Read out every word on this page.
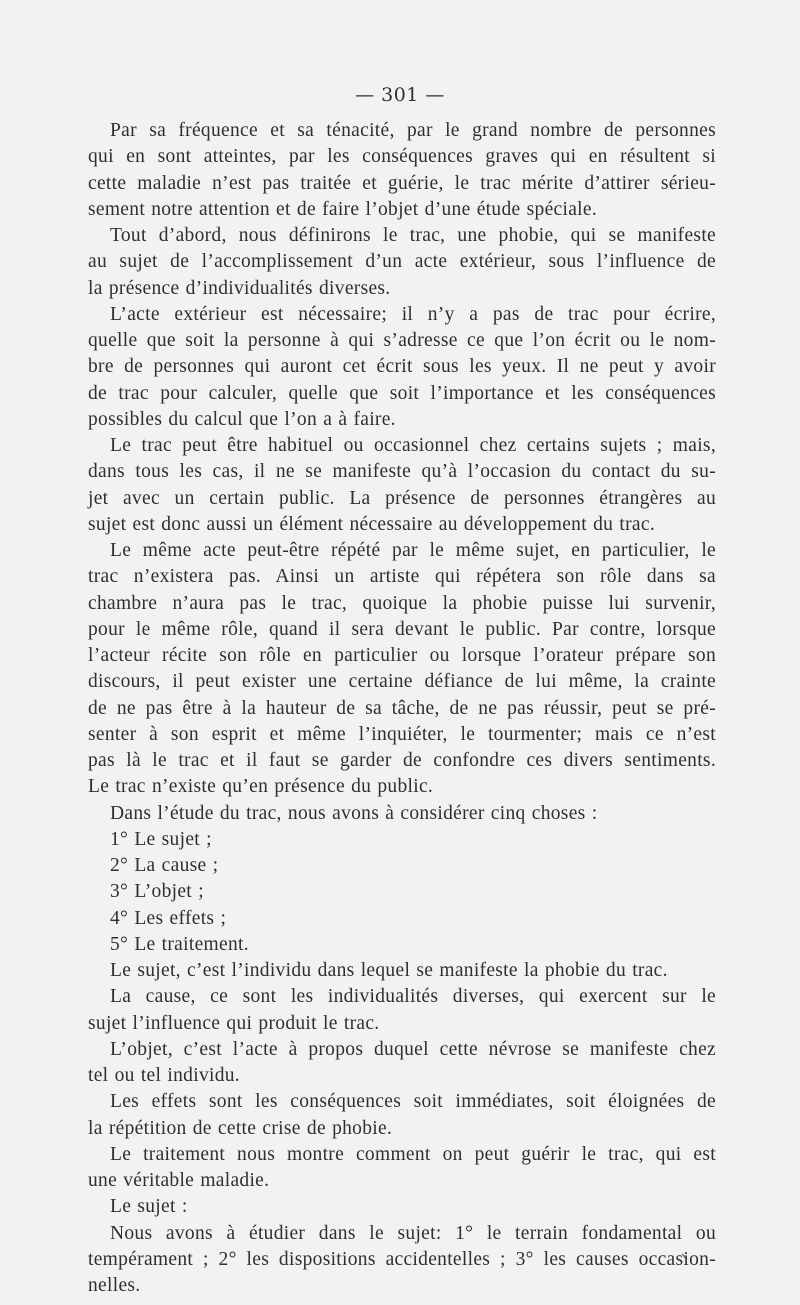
— 301 —
Par sa fréquence et sa ténacité, par le grand nombre de personnes
qui en sont atteintes, par les conséquences graves qui en résultent si
cette maladie n’est pas traitée et guérie, le trac mérite d’attirer sérieu-
sement notre attention et de faire l’objet d’une étude spéciale.
Tout d’abord, nous définirons le trac, une phobie, qui se manifeste
au sujet de l’accomplissement d’un acte extérieur, sous l’influence de
la présence d’individualités diverses.
L’acte extérieur est nécessaire; il n’y a pas de trac pour écrire,
quelle que soit la personne à qui s’adresse ce que l’on écrit ou le nom-
bre de personnes qui auront cet écrit sous les yeux. Il ne peut y avoir
de trac pour calculer, quelle que soit l’importance et les conséquences
possibles du calcul que l’on a à faire.
Le trac peut être habituel ou occasionnel chez certains sujets ; mais,
dans tous les cas, il ne se manifeste qu’à l’occasion du contact du su-
jet avec un certain public. La présence de personnes étrangères au
sujet est donc aussi un élément nécessaire au développement du trac.
Le même acte peut-être répété par le même sujet, en particulier, le
trac n’existera pas. Ainsi un artiste qui répétera son rôle dans sa
chambre n’aura pas le trac, quoique la phobie puisse lui survenir,
pour le même rôle, quand il sera devant le public. Par contre, lorsque
l’acteur récite son rôle en particulier ou lorsque l’orateur prépare son
discours, il peut exister une certaine défiance de lui même, la crainte
de ne pas être à la hauteur de sa tâche, de ne pas réussir, peut se pré-
senter à son esprit et même l’inquiéter, le tourmenter; mais ce n’est
pas là le trac et il faut se garder de confondre ces divers sentiments.
Le trac n’existe qu’en présence du public.
Dans l’étude du trac, nous avons à considérer cinq choses :
1° Le sujet ;
2° La cause ;
3° L’objet ;
4° Les effets ;
5° Le traitement.
Le sujet, c’est l’individu dans lequel se manifeste la phobie du trac.
La cause, ce sont les individualités diverses, qui exercent sur le
sujet l’influence qui produit le trac.
L’objet, c’est l’acte à propos duquel cette névrose se manifeste chez
tel ou tel individu.
Les effets sont les conséquences soit immédiates, soit éloignées de
la répétition de cette crise de phobie.
Le traitement nous montre comment on peut guérir le trac, qui est
une véritable maladie.
Le sujet :
Nous avons à étudier dans le sujet: 1° le terrain fondamental ou
tempérament ; 2° les dispositions accidentelles ; 3° les causes occasion-
nelles.
